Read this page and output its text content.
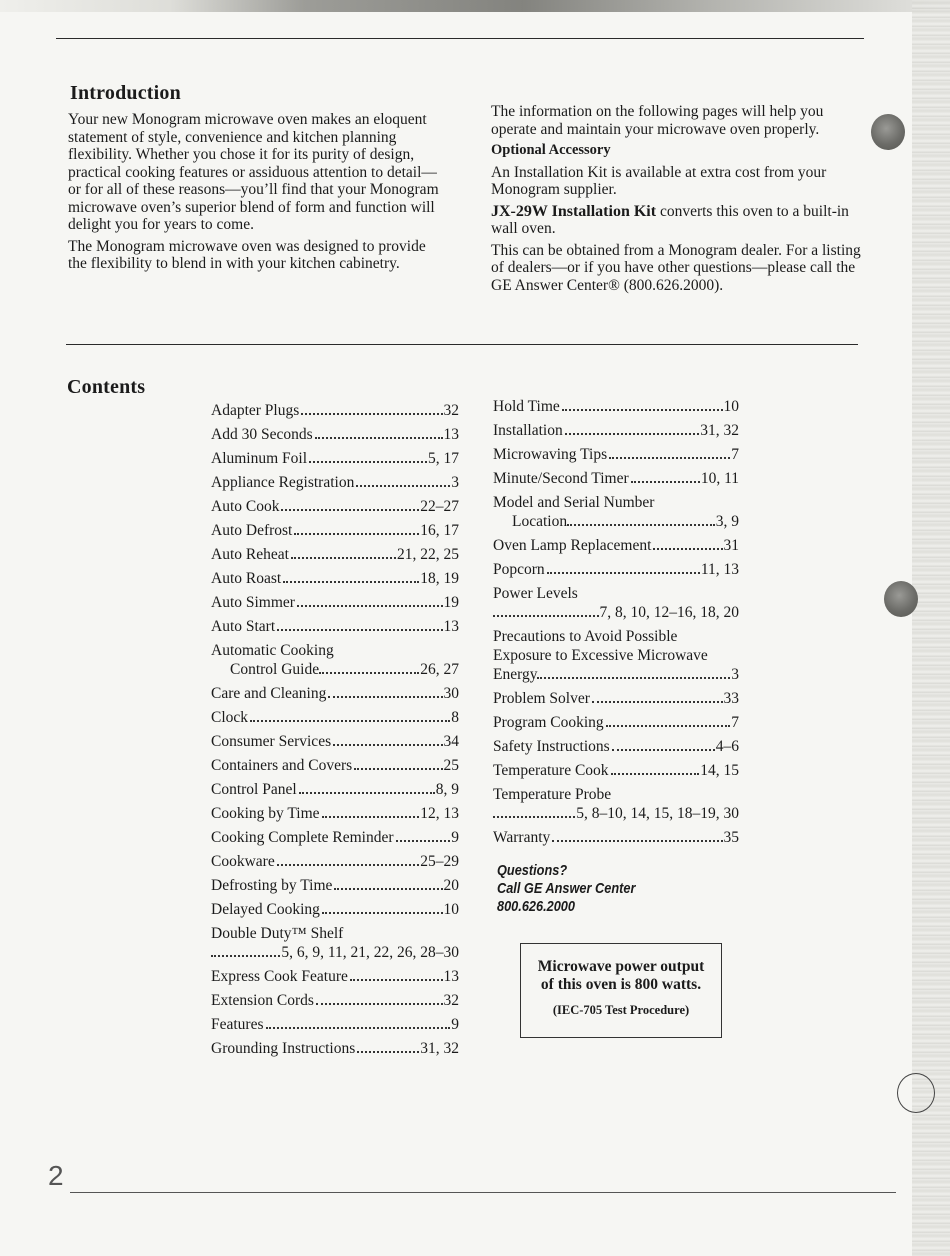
Introduction

Your new Monogram microwave oven makes an eloquent statement of style, convenience and kitchen planning flexibility. Whether you chose it for its purity of design, practical cooking features or assiduous attention to detail—or for all of these reasons—you’ll find that your Monogram microwave oven’s superior blend of form and function will delight you for years to come.

The Monogram microwave oven was designed to provide the flexibility to blend in with your kitchen cabinetry.

The information on the following pages will help you operate and maintain your microwave oven properly.

Optional Accessory

An Installation Kit is available at extra cost from your Monogram supplier.

JX-29W Installation Kit converts this oven to a built-in wall oven.

This can be obtained from a Monogram dealer. For a listing of dealers—or if you have other questions—please call the GE Answer Center® (800.626.2000).

Contents
Adapter Plugs	32
Add 30 Seconds	13
Aluminum Foil	5, 17
Appliance Registration	3
Auto Cook	22–27
Auto Defrost	16, 17
Auto Reheat	21, 22, 25
Auto Roast	18, 19
Auto Simmer	19
Auto Start	13
Automatic Cooking
Control Guide	26, 27
Care and Cleaning	30
Clock	8
Consumer Services	34
Containers and Covers	25
Control Panel	8, 9
Cooking by Time	12, 13
Cooking Complete Reminder	9
Cookware	25–29
Defrosting by Time	20
Delayed Cooking	10
Double Duty™ Shelf
5, 6, 9, 11, 21, 22, 26, 28–30
Express Cook Feature	13
Extension Cords	32
Features	9
Grounding Instructions	31, 32
Hold Time	10
Installation	31, 32
Microwaving Tips	7
Minute/Second Timer	10, 11
Model and Serial Number
Location	3, 9
Oven Lamp Replacement	31
Popcorn	11, 13
Power Levels
7, 8, 10, 12–16, 18, 20
Precautions to Avoid Possible
Exposure to Excessive Microwave
Energy	3
Problem Solver	33
Program Cooking	7
Safety Instructions	4–6
Temperature Cook	14, 15
Temperature Probe
5, 8–10, 14, 15, 18–19, 30
Warranty	35
Questions?
Call GE Answer Center
800.626.2000
Microwave power output
of this oven is 800 watts.
(IEC-705 Test Procedure)
2
